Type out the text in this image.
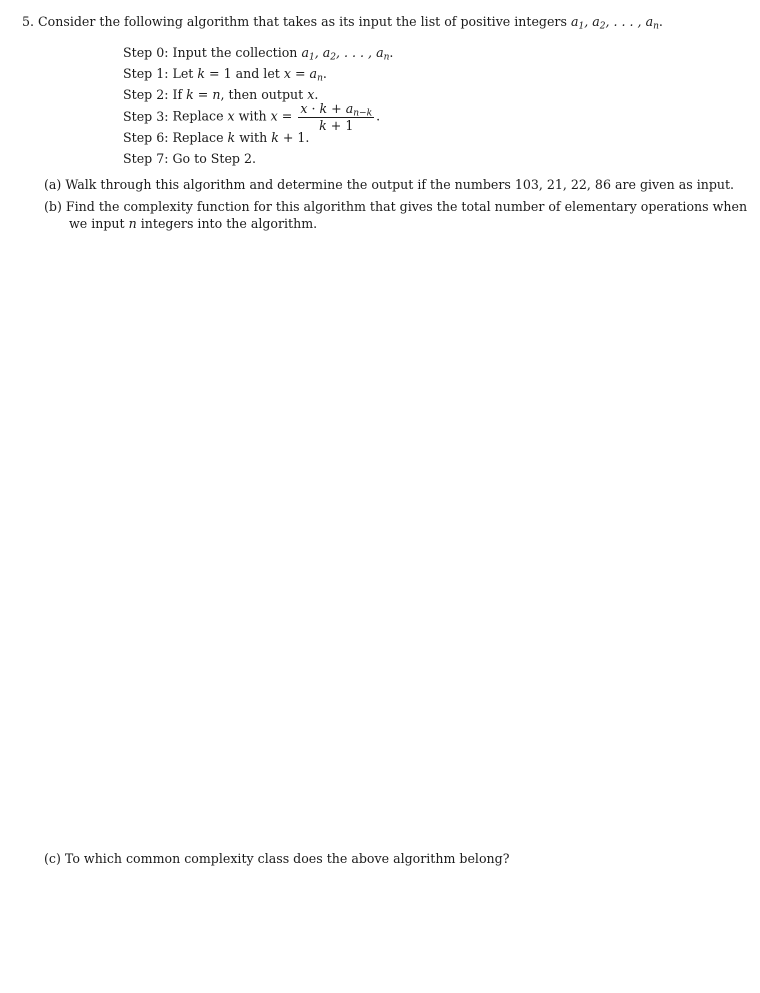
5. Consider the following algorithm that takes as its input the list of positive integers $a_1$, $a_2$, . . . , $a_n$.
Step 0: Input the collection $a_1$, $a_2$, . . . , $a_n$.
Step 1: Let k = 1 and let $x = a_n$.
Step 2: If k = n, then output x.
Step 3: Replace x with $x = \frac{x \cdot k + a_{n-k}}{k + 1}$ .
Step 6: Replace k with k + 1.
Step 7: Go to Step 2.
(a) Walk through this algorithm and determine the output if the numbers 103, 21, 22, 86 are given as input.
(b) Find the complexity function for this algorithm that gives the total number of elementary operations when
we input n integers into the algorithm.
(c) To which common complexity class does the above algorithm belong?
